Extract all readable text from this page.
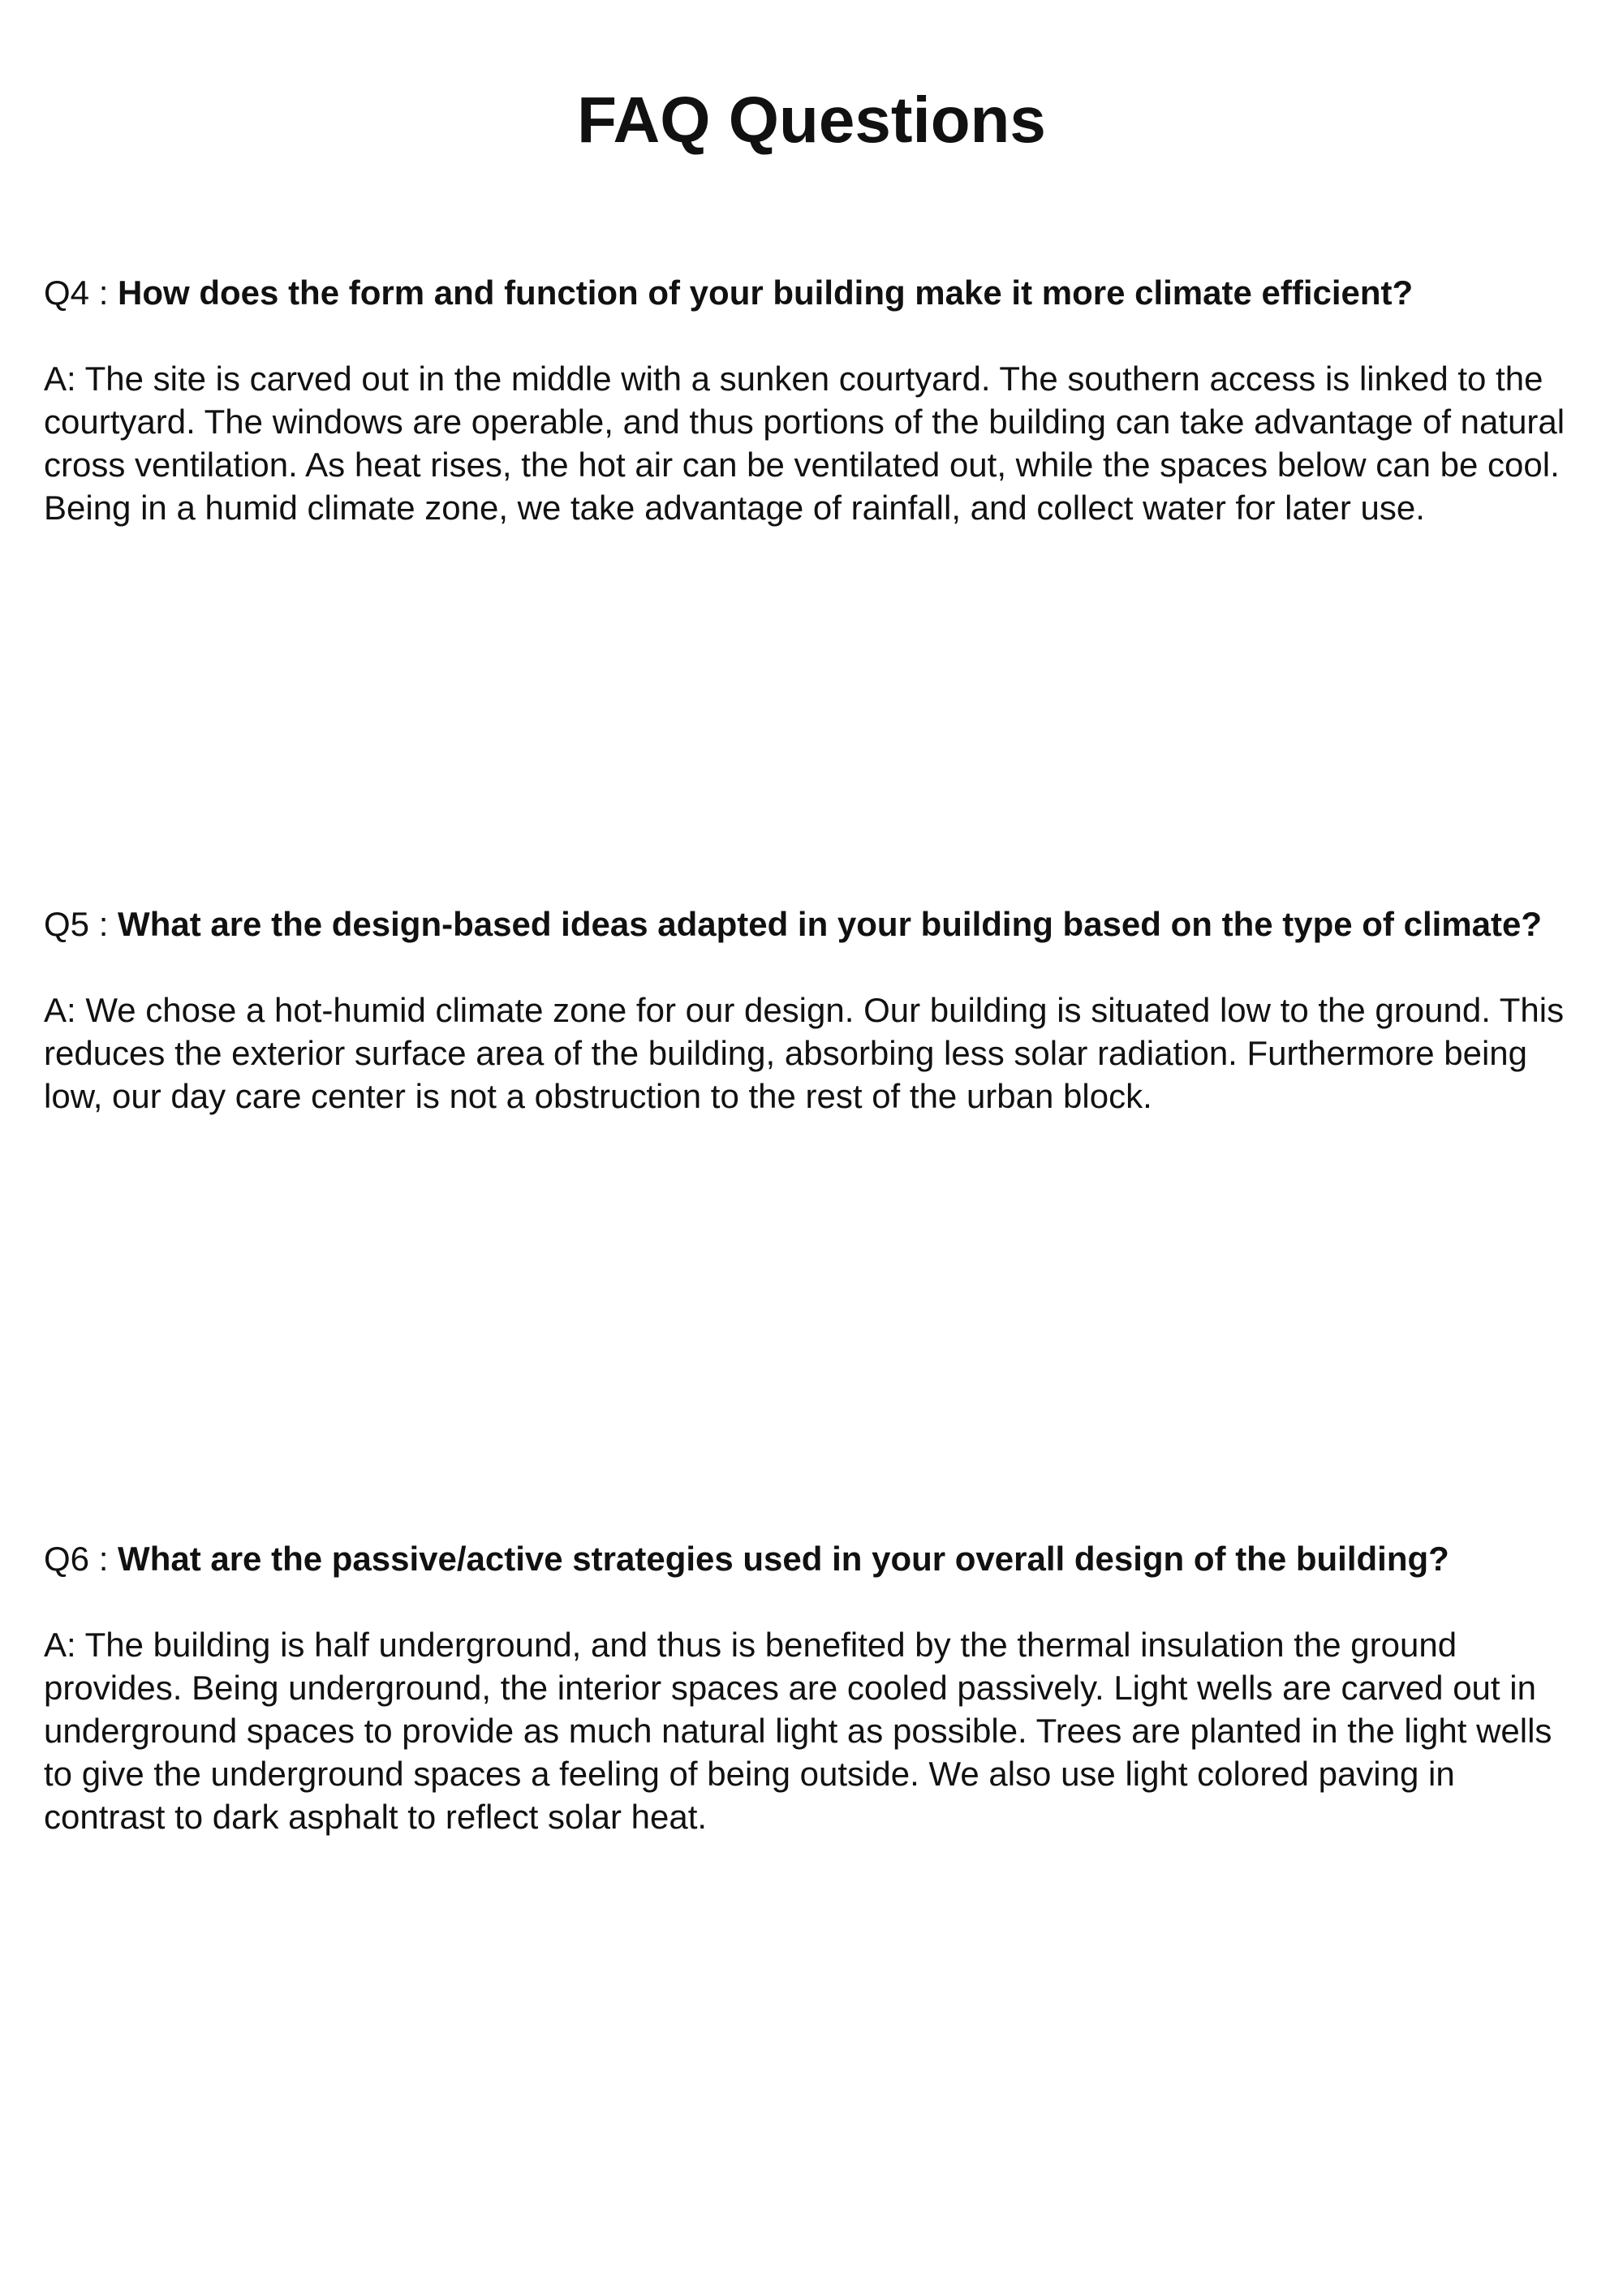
FAQ Questions

Q4 : How does the form and function of your building make it more climate efficient?

A: The site is carved out in the middle with a sunken courtyard. The southern access is linked to the courtyard. The windows are operable, and thus portions of the building can take advantage of natural cross ventilation. As heat rises, the hot air can be ventilated out, while the spaces below can be cool. Being in a humid climate zone, we take advantage of rainfall, and collect water for later use.

Q5 : What are the design-based ideas adapted in your building based on the type of climate?

A: We chose a hot-humid climate zone for our design. Our building is situated low to the ground. This reduces the exterior surface area of the building, absorbing less solar radiation. Furthermore being low, our day care center is not a obstruction to the rest of the urban block.

Q6 : What are the passive/active strategies used in your overall design of the building?

A: The building is half underground, and thus is benefited by the thermal insulation the ground provides. Being underground, the interior spaces are cooled passively. Light wells are carved out in underground spaces to provide as much natural light as possible. Trees are planted in the light wells to give the underground spaces a feeling of being outside. We also use light colored paving in contrast to dark asphalt to reflect solar heat.
